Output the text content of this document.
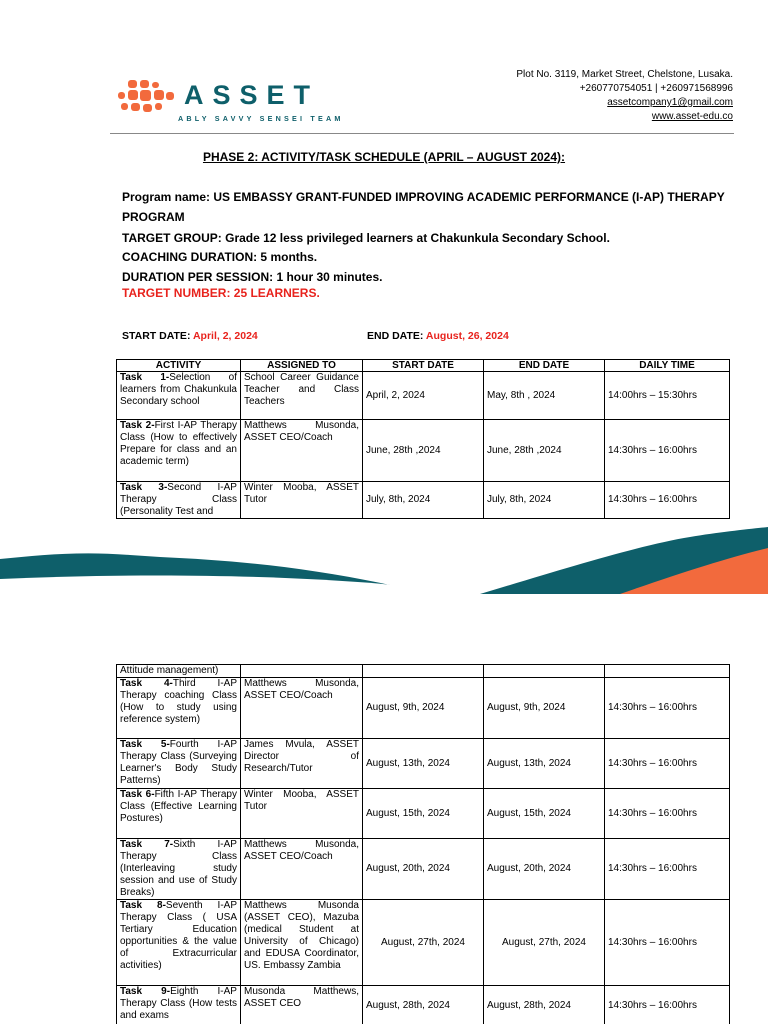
ASSET
ABLY SAVVY SENSEI TEAM
Plot No. 3119, Market Street, Chelstone, Lusaka.
+260770754051 | +260971568996
assetcompany1@gmail.com
www.asset-edu.co
PHASE 2: ACTIVITY/TASK SCHEDULE (APRIL – AUGUST 2024):
Program name: US EMBASSY GRANT-FUNDED IMPROVING ACADEMIC PERFORMANCE (I-AP) THERAPY
PROGRAM
TARGET GROUP: Grade 12 less privileged learners at Chakunkula Secondary School.
COACHING DURATION: 5 months.
DURATION PER SESSION: 1 hour 30 minutes.
TARGET NUMBER: 25 LEARNERS.
START DATE: April, 2, 2024	END DATE: August, 26, 2024
ACTIVITY	ASSIGNED TO	START DATE	END DATE	DAILY TIME
Task 1-Selection of learners from Chakunkula Secondary school	School Career Guidance Teacher and Class Teachers	April, 2, 2024	May, 8th , 2024	14:00hrs – 15:30hrs
Task 2-First I-AP Therapy Class (How to effectively Prepare for class and an academic term)	Matthews Musonda, ASSET CEO/Coach	June, 28th ,2024	June, 28th ,2024	14:30hrs – 16:00hrs
Task 3-Second I-AP Therapy Class (Personality Test and	Winter Mooba, ASSET Tutor	July, 8th, 2024	July, 8th, 2024	14:30hrs – 16:00hrs
Attitude management)				
Task 4-Third I-AP Therapy coaching Class (How to study using reference system)	Matthews Musonda, ASSET CEO/Coach	August, 9th, 2024	August, 9th, 2024	14:30hrs – 16:00hrs
Task 5-Fourth I-AP Therapy Class (Surveying Learner's Body Study Patterns)	James Mvula, ASSET Director of Research/Tutor	August, 13th, 2024	August, 13th, 2024	14:30hrs – 16:00hrs
Task 6-Fifth I-AP Therapy Class (Effective Learning Postures)	Winter Mooba, ASSET Tutor	August, 15th, 2024	August, 15th, 2024	14:30hrs – 16:00hrs
Task 7-Sixth I-AP Therapy Class (Interleaving study session and use of Study Breaks)	Matthews Musonda, ASSET CEO/Coach	August, 20th, 2024	August, 20th, 2024	14:30hrs – 16:00hrs
Task 8-Seventh I-AP Therapy Class ( USA Tertiary Education opportunities & the value of Extracurricular activities)	Matthews Musonda (ASSET CEO), Mazuba (medical Student at University of Chicago) and EDUSA Coordinator, US. Embassy Zambia	August, 27th, 2024	August, 27th, 2024	14:30hrs – 16:00hrs
Task 9-Eighth I-AP Therapy Class (How tests and exams	Musonda Matthews, ASSET CEO	August, 28th, 2024	August, 28th, 2024	14:30hrs – 16:00hrs
